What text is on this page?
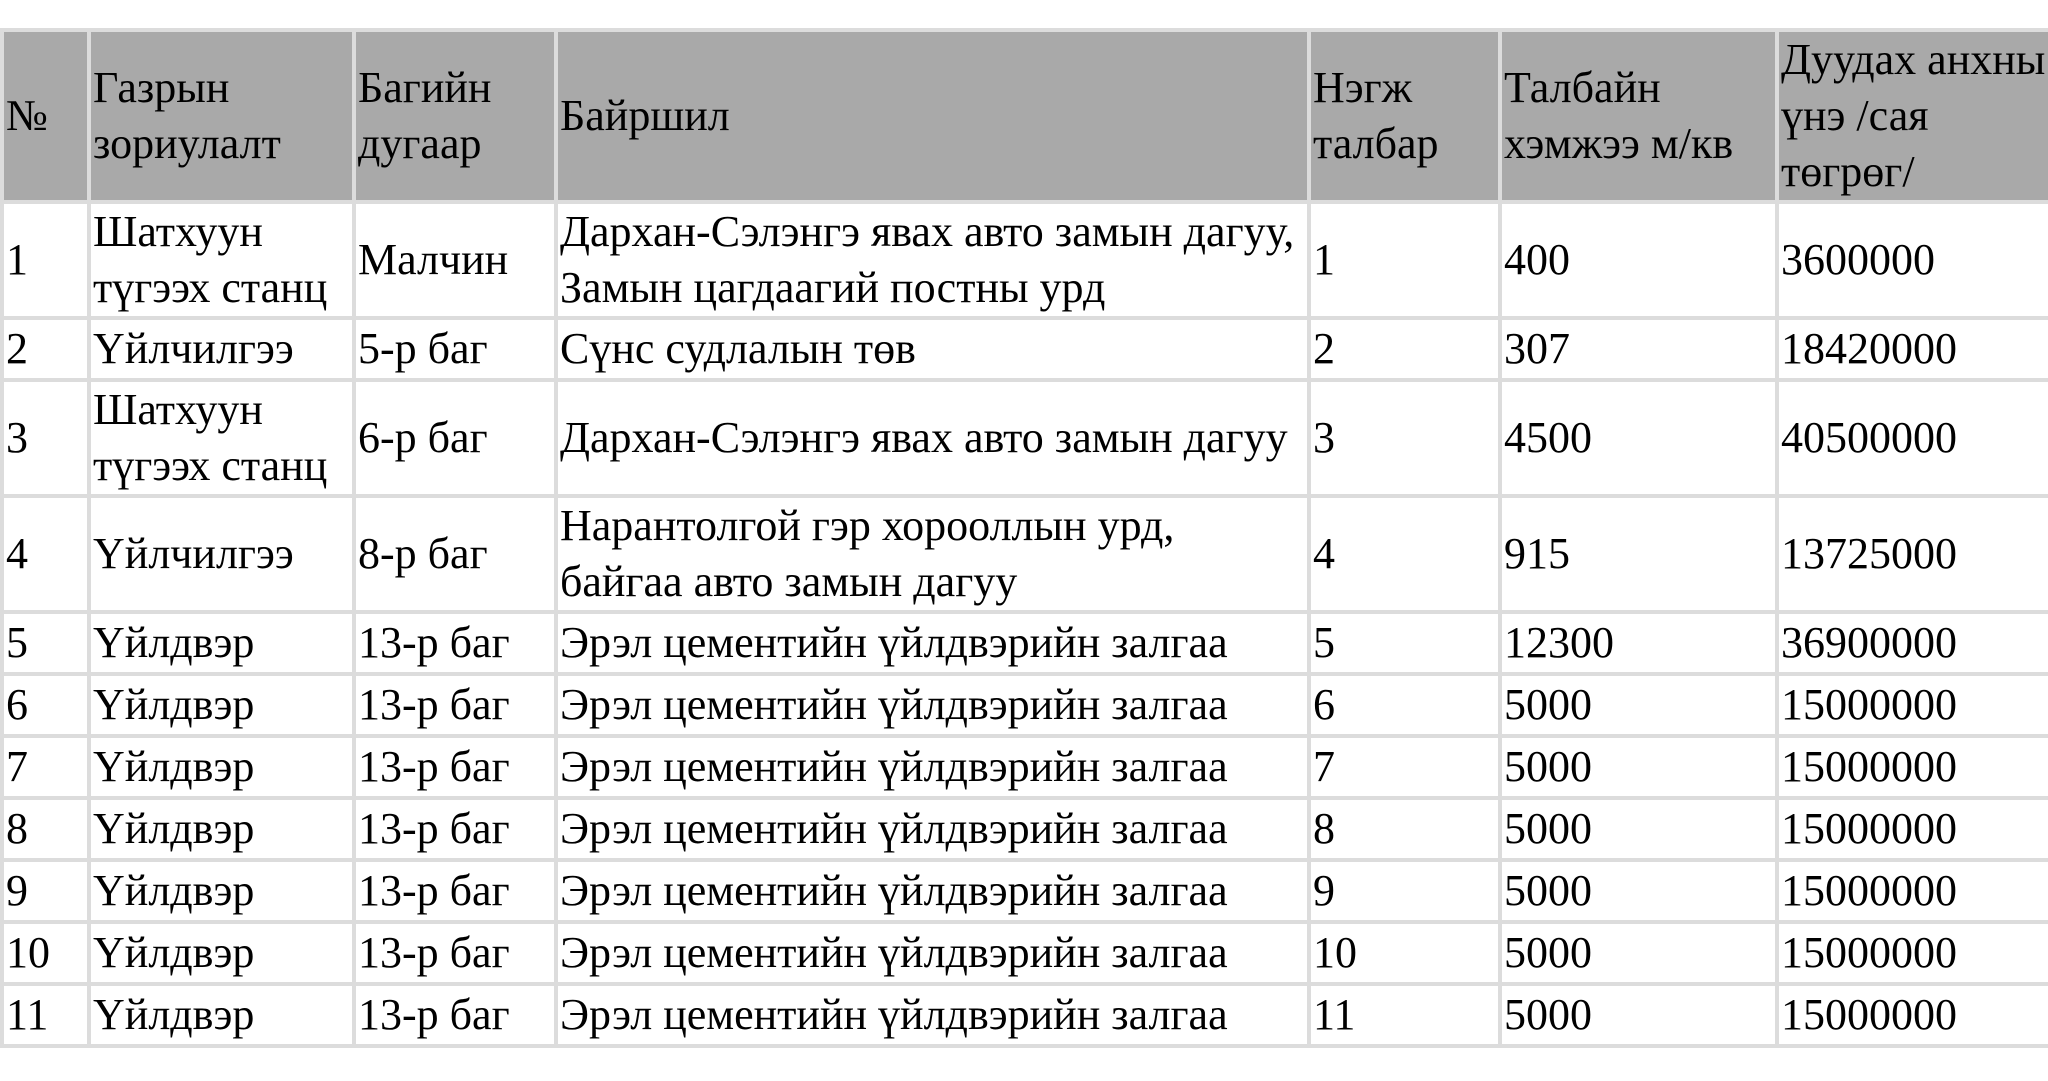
№	Газрын зориулалт	Багийн дугаар	Байршил	Нэгж талбар	Талбайн хэмжээ м/кв	Дуудах анхны үнэ /сая төгрөг/
1	Шатхуун түгээх станц	Малчин	Дархан-Сэлэнгэ явах авто замын дагуу, Замын цагдаагий постны урд	1	400	3600000
2	Үйлчилгээ	5-р баг	Сүнс судлалын төв	2	307	18420000
3	Шатхуун түгээх станц	6-р баг	Дархан-Сэлэнгэ явах авто замын дагуу	3	4500	40500000
4	Үйлчилгээ	8-р баг	Нарантолгой гэр хорооллын урд, байгаа авто замын дагуу	4	915	13725000
5	Үйлдвэр	13-р баг	Эрэл цементийн үйлдвэрийн залгаа	5	12300	36900000
6	Үйлдвэр	13-р баг	Эрэл цементийн үйлдвэрийн залгаа	6	5000	15000000
7	Үйлдвэр	13-р баг	Эрэл цементийн үйлдвэрийн залгаа	7	5000	15000000
8	Үйлдвэр	13-р баг	Эрэл цементийн үйлдвэрийн залгаа	8	5000	15000000
9	Үйлдвэр	13-р баг	Эрэл цементийн үйлдвэрийн залгаа	9	5000	15000000
10	Үйлдвэр	13-р баг	Эрэл цементийн үйлдвэрийн залгаа	10	5000	15000000
11	Үйлдвэр	13-р баг	Эрэл цементийн үйлдвэрийн залгаа	11	5000	15000000
